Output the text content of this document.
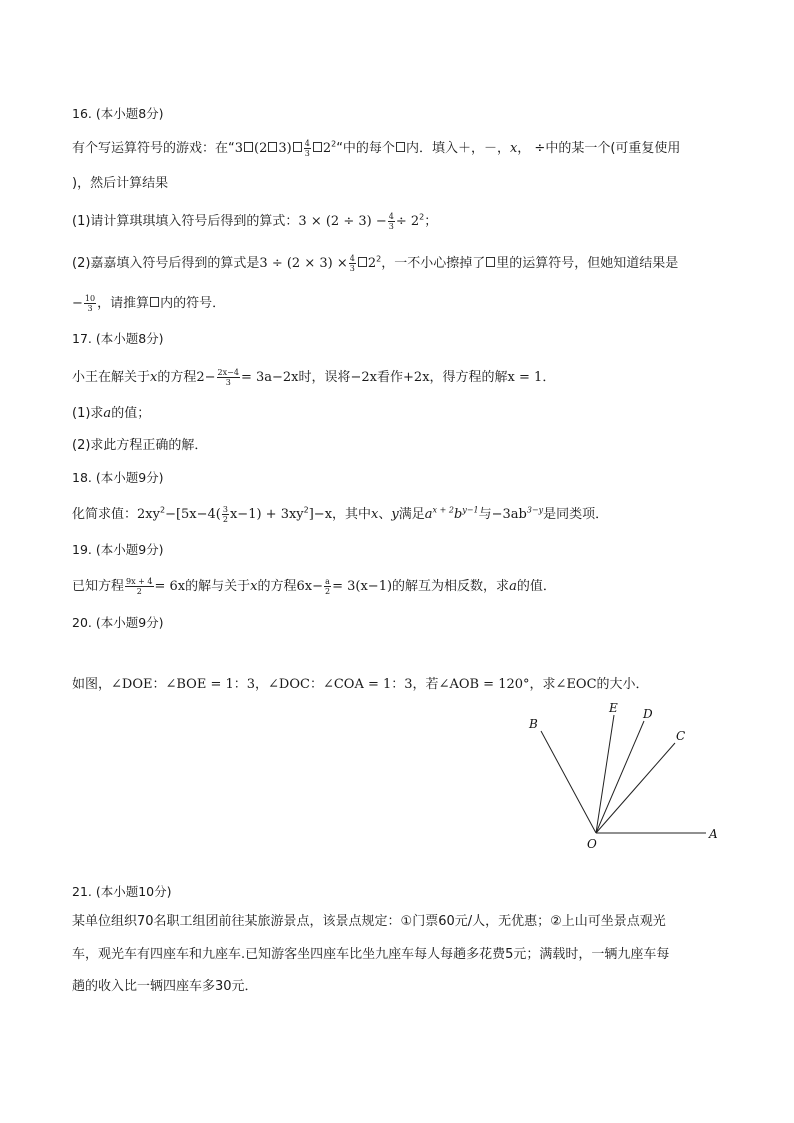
16. (本小题8分)
有个写运算符号的游戏：在“3 (2 $3) \frac{4}{3}$ $2^2“$中的每个 内．填入＋，－，x， ÷中的某一个(可重复使用
)，然后计算结果
(1)请计算琪琪填入符号后得到的算式：$3 \times (2 \div 3) - \frac{4}{3} \div 2^2$；
(2)嘉嘉填入符号后得到的算式是$3 \div (2 \times 3) \times \frac{4}{3} 2^2$，一不小心擦掉了 里的运算符号，但她知道结果是
− $\frac{10}{3}$ ，请推算 内的符号．
17. (本小题8分)
小王在解关于x的方程$2- \frac{2x-4}{3} = 3a-2x$时，误将−2x看作+2x，得方程的解x = 1．
(1)求a的值；
(2)求此方程正确的解．
18. (本小题9分)
化简求值：$2xy^2-[5x-4( \frac{3}{2} x-1) + 3xy^2]-x$，其中x、y满足$a^{x + 2}b^{y-1}$与$-3ab^{3-y}$是同类项．
19. (本小题9分)
已知方程 $\frac{9x + 4}{2} = 6x$的解与关于x的方程$6x- \frac{a}{2} = 3(x-1)$的解互为相反数，求a的值．
20. (本小题9分)
如图，∠DOE：∠BOE = 1：3，∠DOC：∠COA = 1：3，若∠AOB = 120°，求∠EOC的大小．
B
E D
C
A
O
21. (本小题10分)
某单位组织70名职工组团前往某旅游景点，该景点规定：①门票60元/人，无优惠；②上山可坐景点观光
车，观光车有四座车和九座车.已知游客坐四座车比坐九座车每人每趟多花费5元；满载时，一辆九座车每
趟的收入比一辆四座车多30元．
